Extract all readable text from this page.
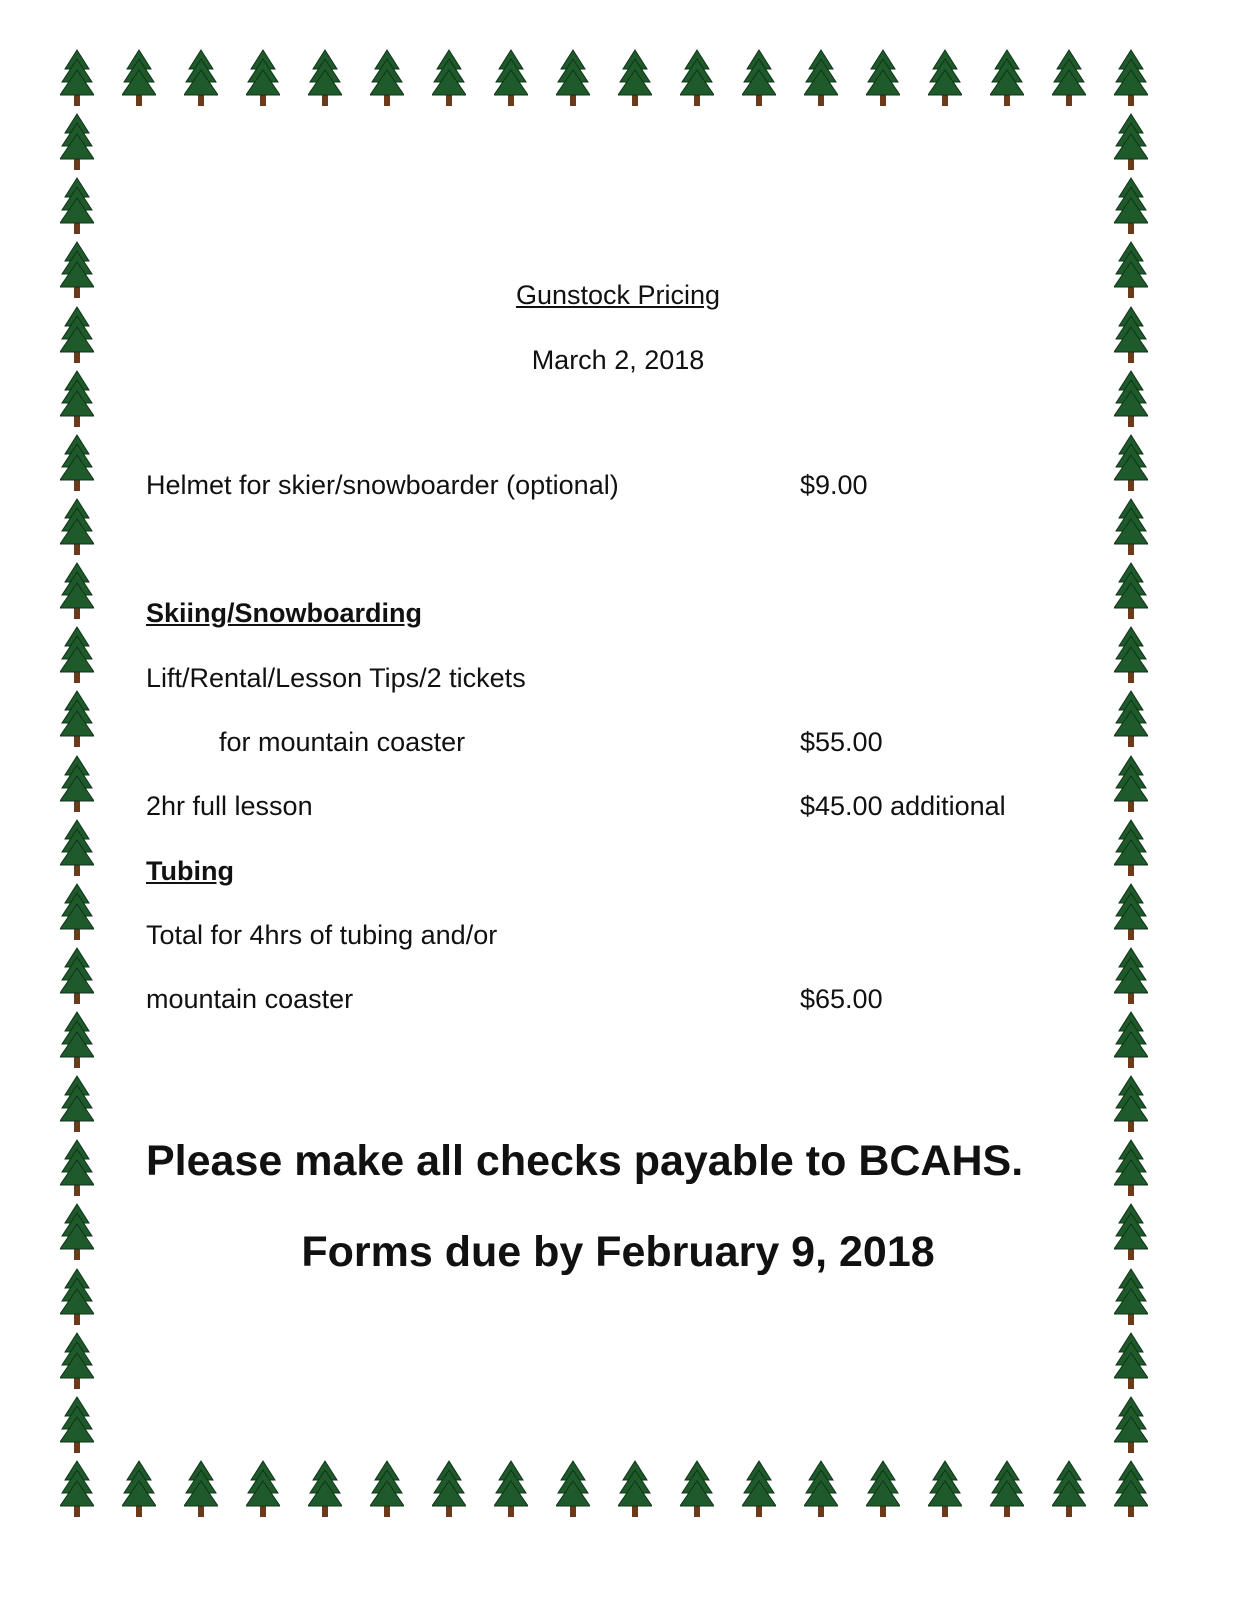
Gunstock Pricing
March 2, 2018
Helmet for skier/snowboarder (optional)	$9.00
Skiing/Snowboarding
Lift/Rental/Lesson Tips/2 tickets
for mountain coaster	$55.00
2hr full lesson	$45.00 additional
Tubing
Total for 4hrs of tubing and/or
mountain coaster	$65.00
Please make all checks payable to BCAHS.
Forms due by February 9, 2018
